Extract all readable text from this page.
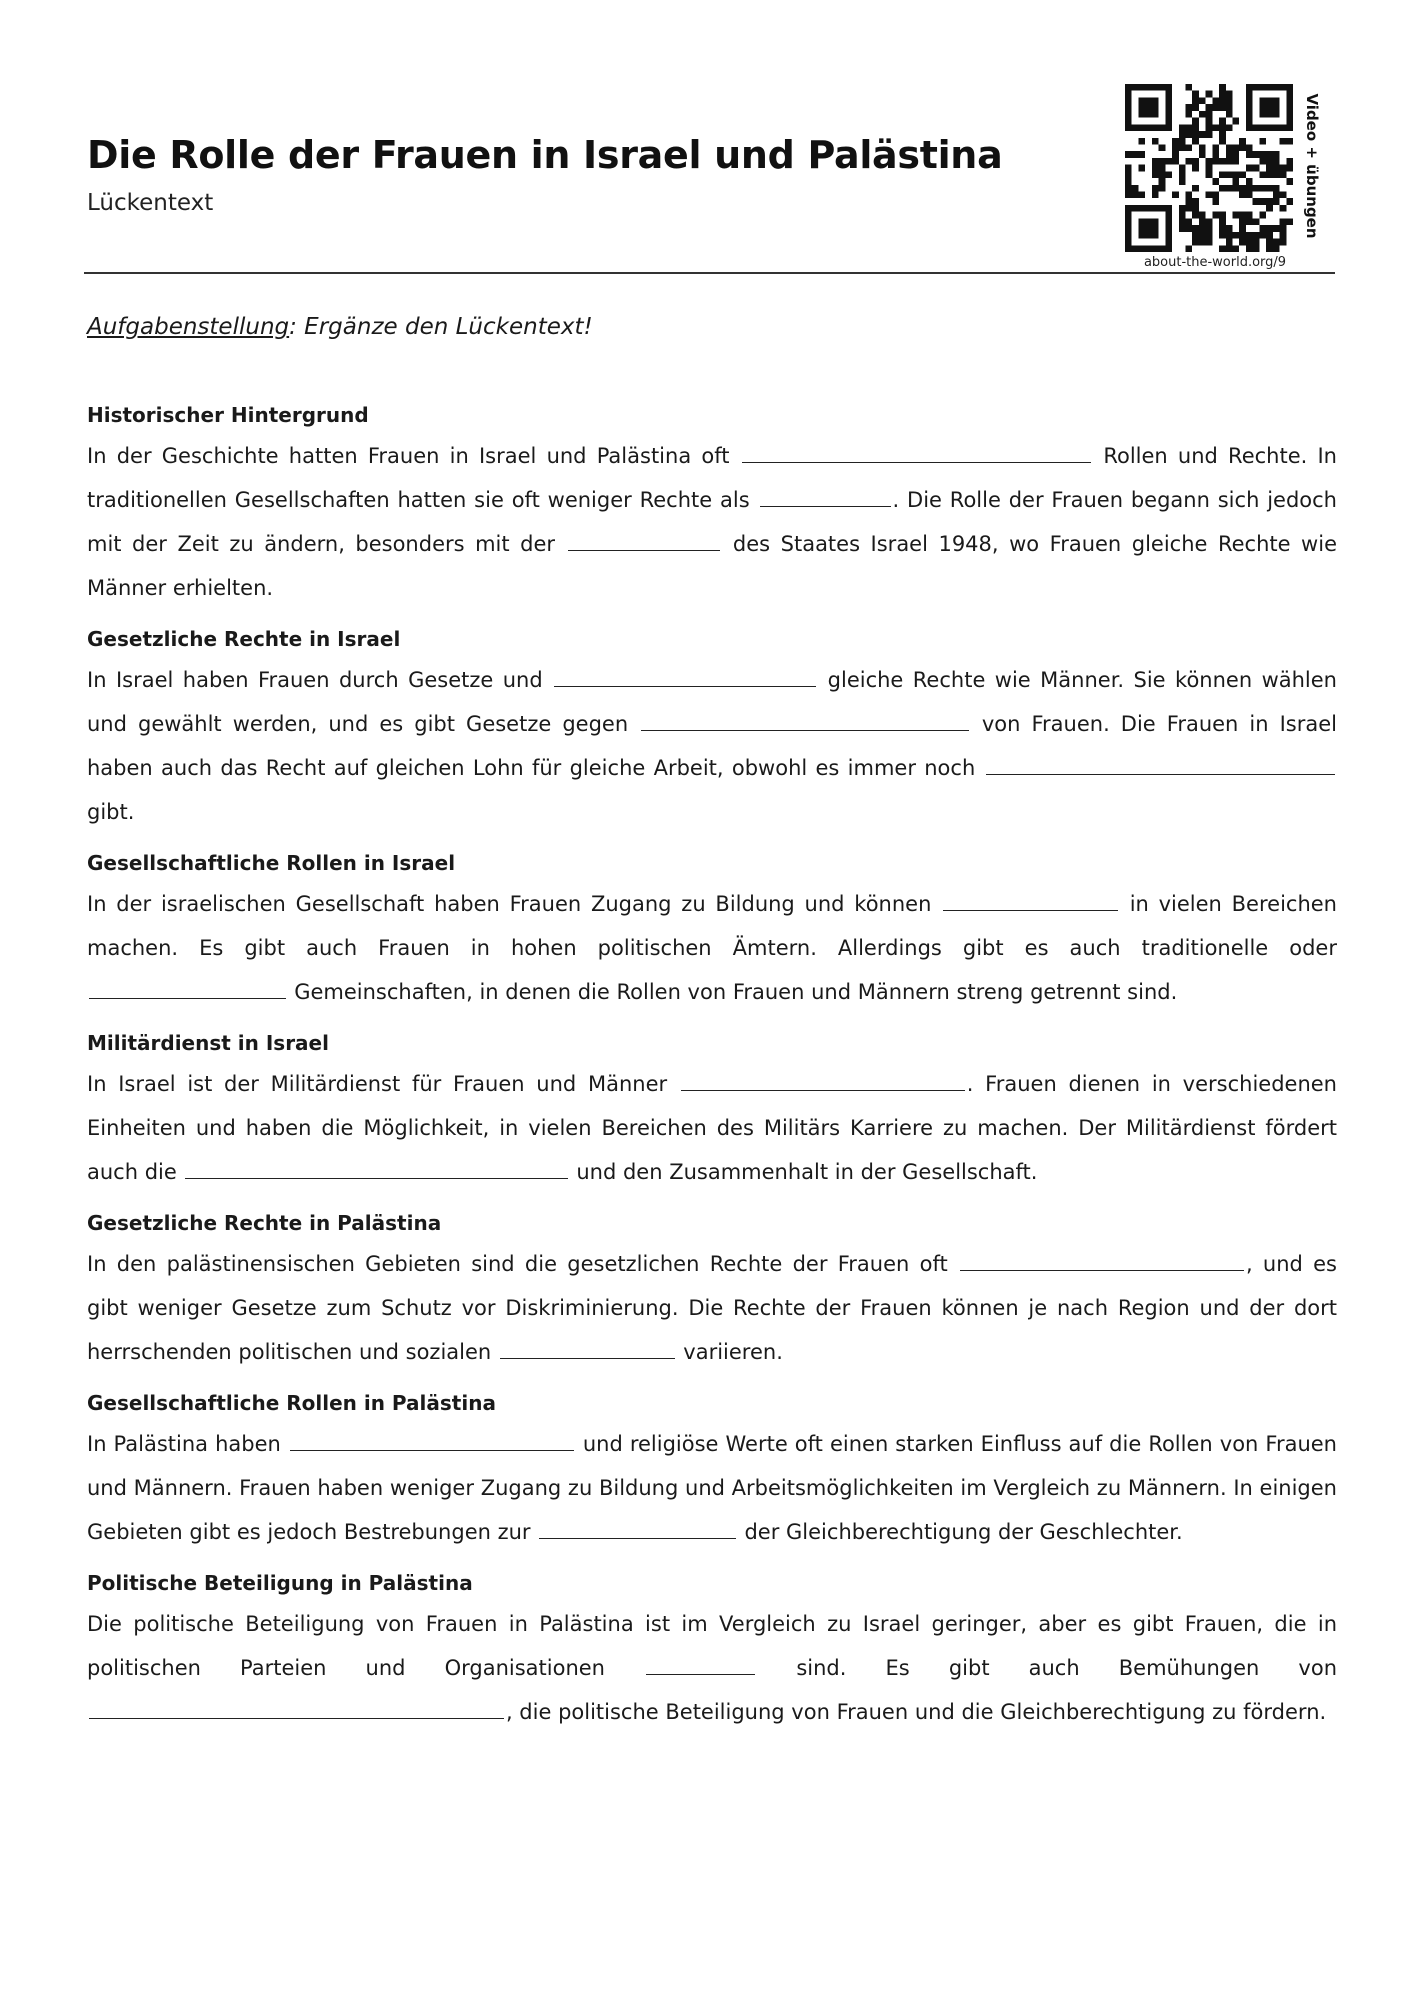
Die Rolle der Frauen in Israel und Palästina
Lückentext	Video + übungen
about-the-world.org/9
Aufgabenstellung: Ergänze den Lückentext!
Historischer Hintergrund

In der Geschichte hatten Frauen in Israel und Palästina oft	Rollen und Rechte. In traditionellen Gesellschaften hatten sie oft weniger Rechte als	. Die Rolle der Frauen begann sich jedoch mit der Zeit zu ändern, besonders mit der	des Staates Israel 1948, wo Frauen gleiche Rechte wie Männer erhielten.

Gesetzliche Rechte in Israel

In Israel haben Frauen durch Gesetze und	gleiche Rechte wie Männer. Sie können wählen und gewählt werden, und es gibt Gesetze gegen	von Frauen. Die Frauen in Israel haben auch das Recht auf gleichen Lohn für gleiche Arbeit, obwohl es immer noch  gibt.

Gesellschaftliche Rollen in Israel

In der israelischen Gesellschaft haben Frauen Zugang zu Bildung und können	in vielen Bereichen machen. Es gibt auch Frauen in hohen politischen Ämtern. Allerdings gibt es auch traditionelle oder  Gemeinschaften, in denen die Rollen von Frauen und Männern streng getrennt sind.

Militärdienst in Israel

In Israel ist der Militärdienst für Frauen und Männer	. Frauen dienen in verschiedenen Einheiten und haben die Möglichkeit, in vielen Bereichen des Militärs Karriere zu machen. Der Militärdienst fördert auch die	und den Zusammenhalt in der Gesellschaft.

Gesetzliche Rechte in Palästina

In den palästinensischen Gebieten sind die gesetzlichen Rechte der Frauen oft	, und es gibt weniger Gesetze zum Schutz vor Diskriminierung. Die Rechte der Frauen können je nach Region und der dort herrschenden politischen und sozialen	variieren.

Gesellschaftliche Rollen in Palästina

In Palästina haben	und religiöse Werte oft einen starken Einfluss auf die Rollen von Frauen und Männern. Frauen haben weniger Zugang zu Bildung und Arbeitsmöglichkeiten im Vergleich zu Männern. In einigen Gebieten gibt es jedoch Bestrebungen zur	der Gleichberechtigung der Geschlechter.

Politische Beteiligung in Palästina

Die politische Beteiligung von Frauen in Palästina ist im Vergleich zu Israel geringer, aber es gibt Frauen, die in politischen Parteien und Organisationen	sind. Es gibt auch Bemühungen von , die politische Beteiligung von Frauen und die Gleichberechtigung zu fördern.
